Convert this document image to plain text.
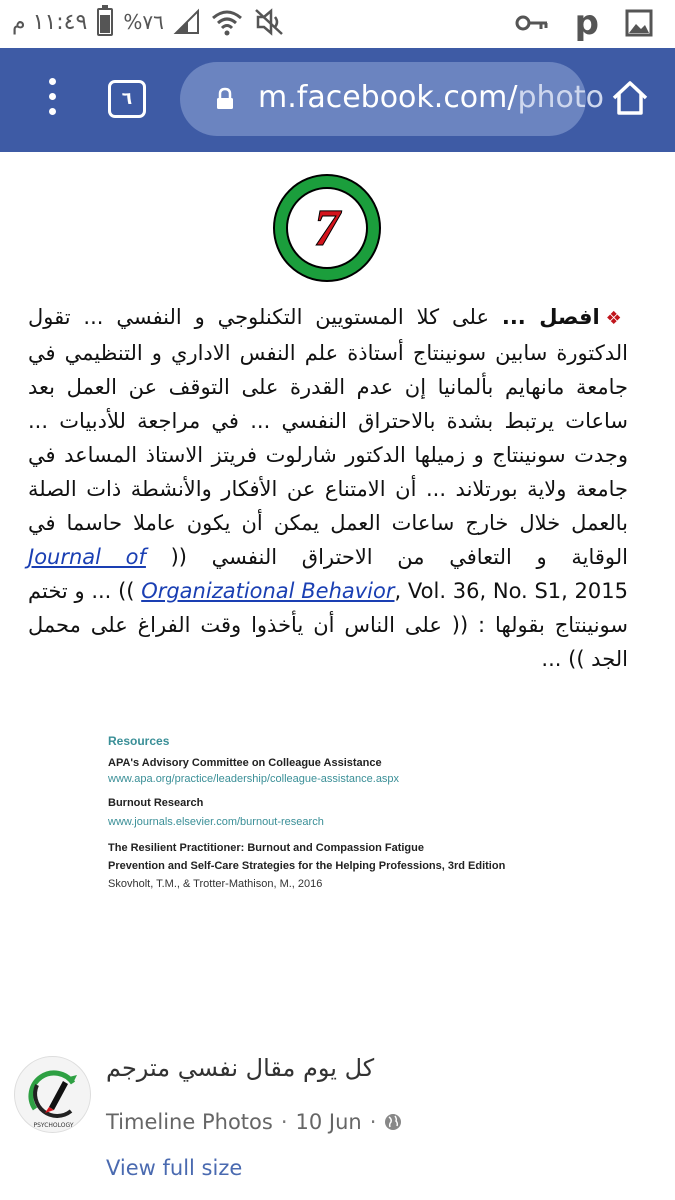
١١:٤٩ م %٧٦	p
٦	m.facebook.com/photo
7
❖افصل ... على كلا المستويين التكنلوجي و النفسي ... تقول الدكتورة سابين سونينتاج أستاذة علم النفس الاداري و التنظيمي في جامعة مانهايم بألمانيا إن عدم القدرة على التوقف عن العمل بعد ساعات يرتبط بشدة بالاحتراق النفسي ... في مراجعة للأدبيات ... وجدت سونينتاج و زميلها الدكتور شارلوت فريتز الاستاذ المساعد في جامعة ولاية بورتلاند ... أن الامتناع عن الأفكار والأنشطة ذات الصلة بالعمل خلال خارج ساعات العمل يمكن أن يكون عاملا حاسما في الوقاية و التعافي من الاحتراق النفسي (( Journal of Organizational Behavior, Vol. 36, No. S1, 2015 )) ... و تختم سونينتاج بقولها : (( على الناس أن يأخذوا وقت الفراغ على محمل الجد )) ...
Resources
APA's Advisory Committee on Colleague Assistance
www.apa.org/practice/leadership/colleague-assistance.aspx
Burnout Research
www.journals.elsevier.com/burnout-research
The Resilient Practitioner: Burnout and Compassion Fatigue
Prevention and Self-Care Strategies for the Helping Professions, 3rd Edition
Skovholt, T.M., & Trotter-Mathison, M., 2016
PSYCHOLOGY
كل يوم مقال نفسي مترجم
Timeline Photos · 10 Jun ·
View full size
